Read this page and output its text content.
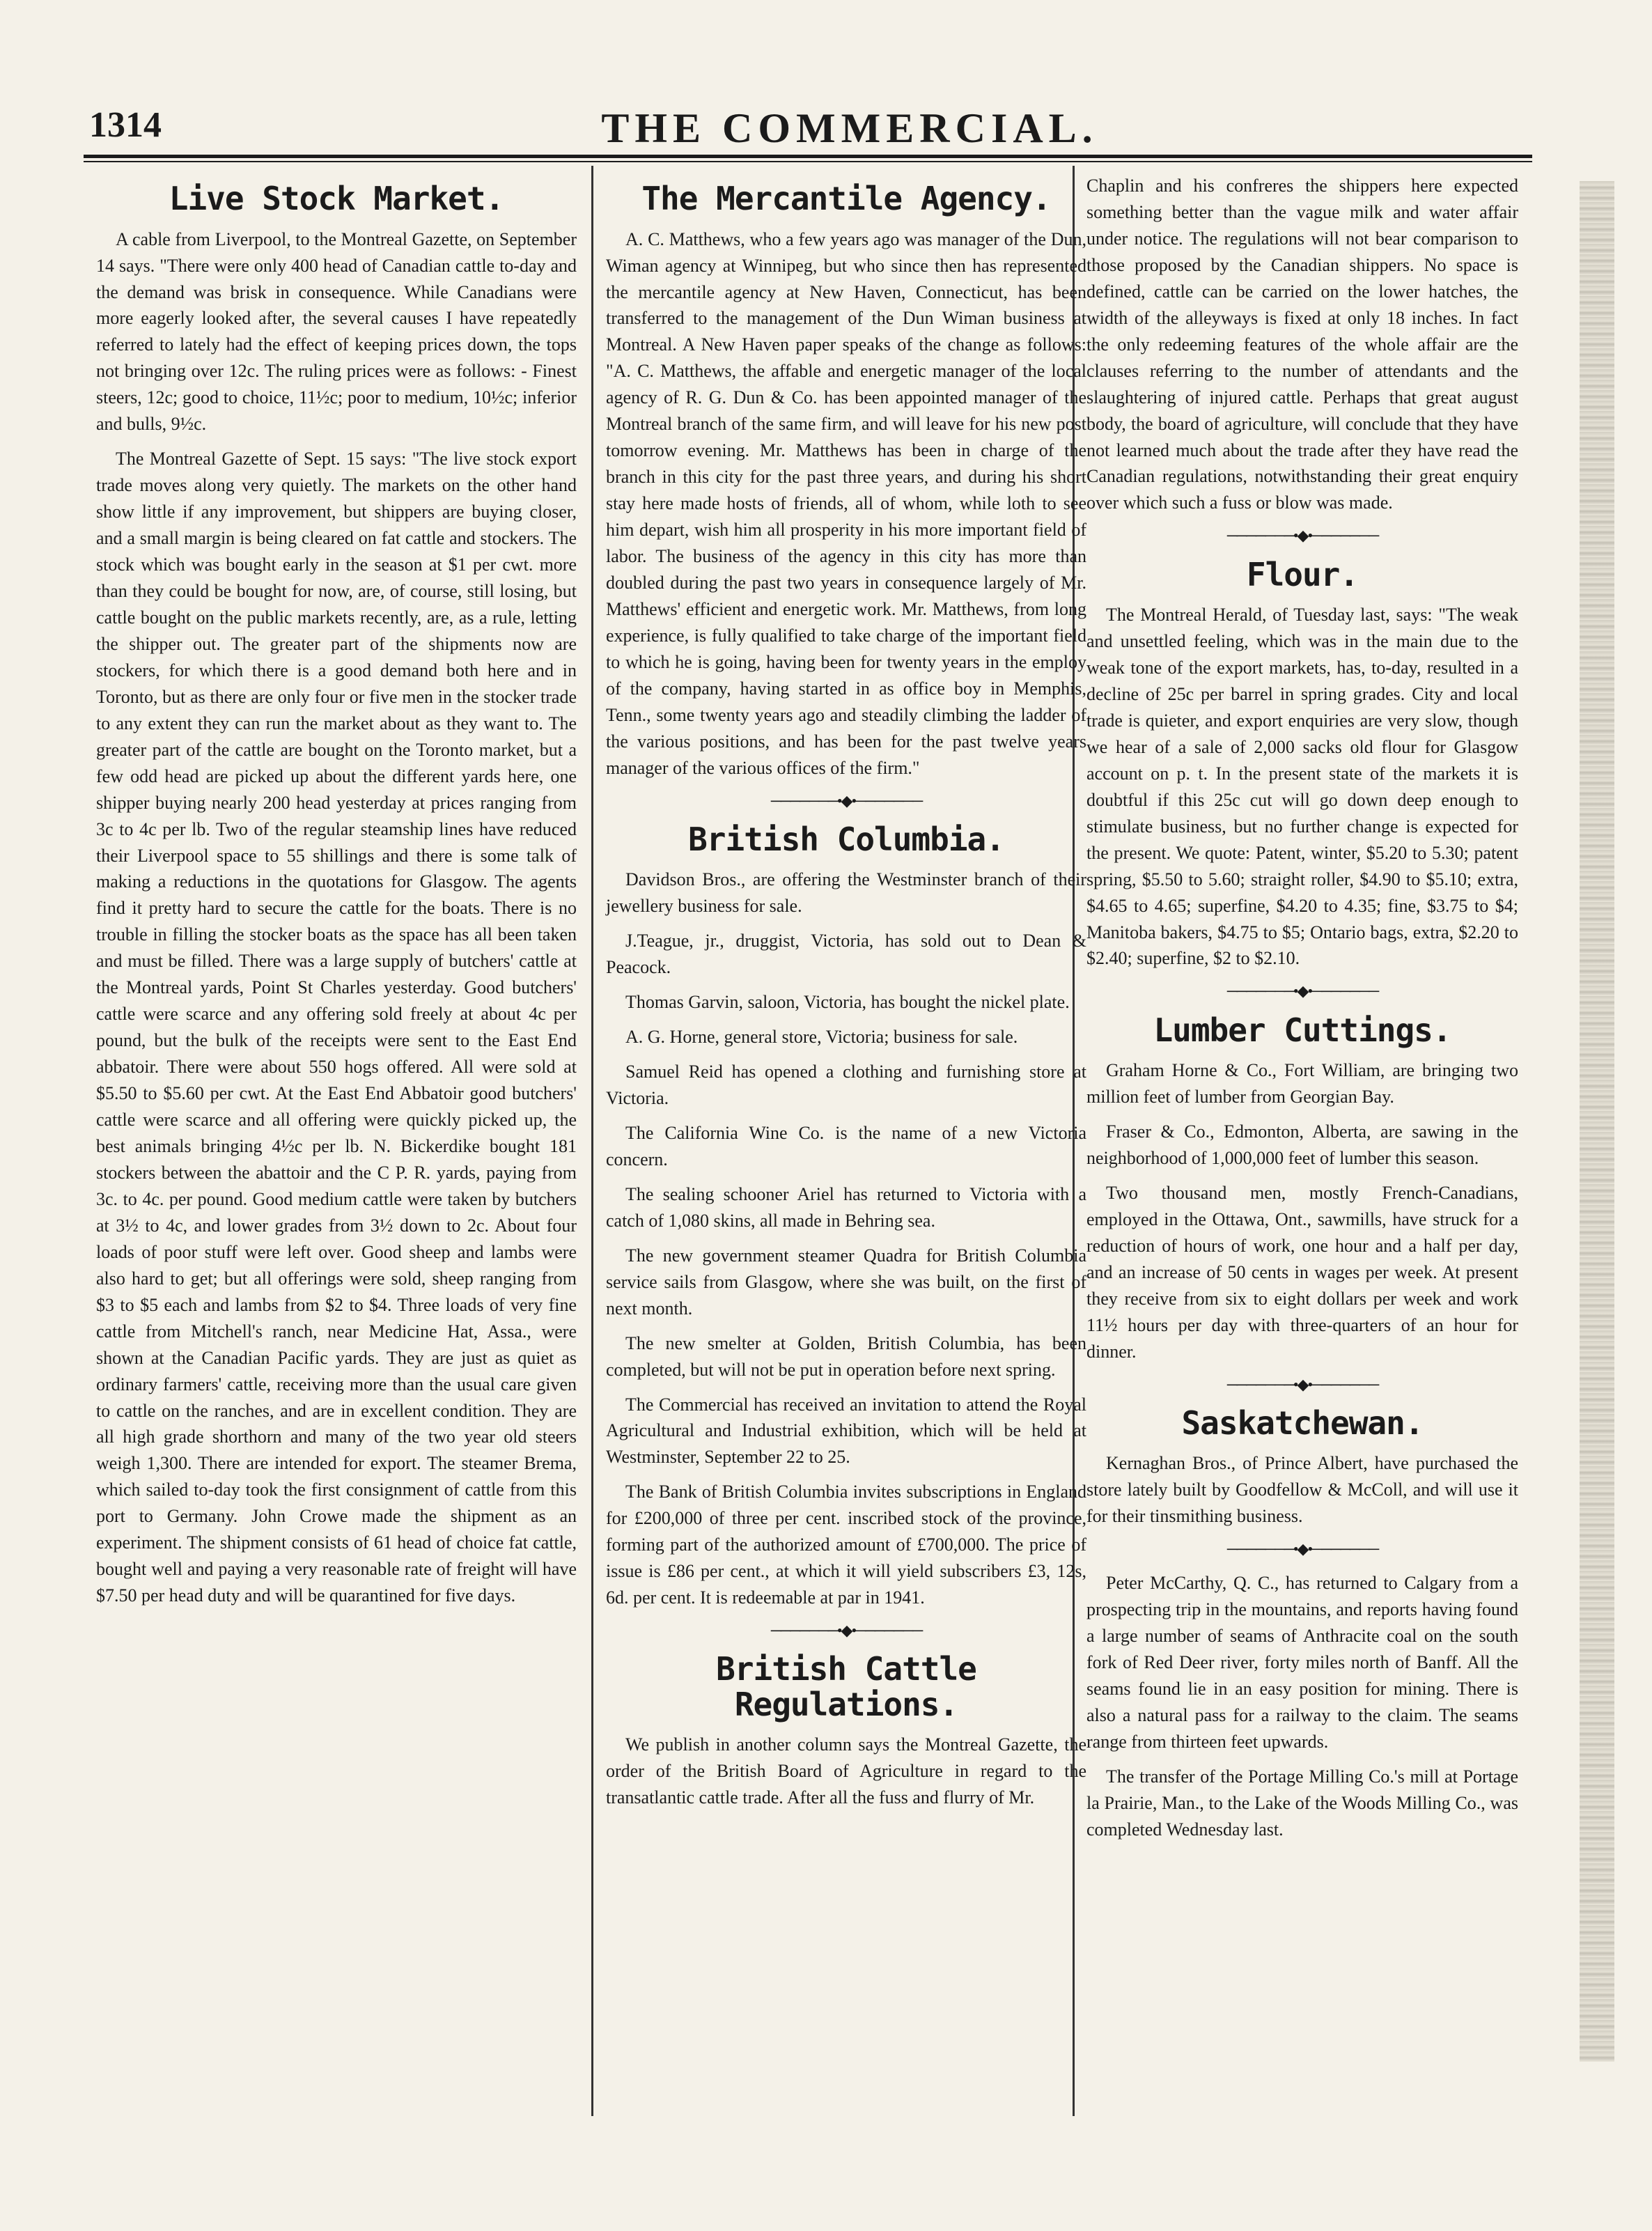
1314	THE COMMERCIAL.
Live Stock Market.

A cable from Liverpool, to the Montreal Gazette, on September 14 says. "There were only 400 head of Canadian cattle to-day and the demand was brisk in consequence. While Canadians were more eagerly looked after, the several causes I have repeatedly referred to lately had the effect of keeping prices down, the tops not bringing over 12c. The ruling prices were as follows: - Finest steers, 12c; good to choice, 11½c; poor to medium, 10½c; inferior and bulls, 9½c.

The Montreal Gazette of Sept. 15 says: "The live stock export trade moves along very quietly. The markets on the other hand show little if any improvement, but shippers are buying closer, and a small margin is being cleared on fat cattle and stockers. The stock which was bought early in the season at $1 per cwt. more than they could be bought for now, are, of course, still losing, but cattle bought on the public markets recently, are, as a rule, letting the shipper out. The greater part of the shipments now are stockers, for which there is a good demand both here and in Toronto, but as there are only four or five men in the stocker trade to any extent they can run the market about as they want to. The greater part of the cattle are bought on the Toronto market, but a few odd head are picked up about the different yards here, one shipper buying nearly 200 head yesterday at prices ranging from 3c to 4c per lb. Two of the regular steamship lines have reduced their Liverpool space to 55 shillings and there is some talk of making a reductions in the quotations for Glasgow. The agents find it pretty hard to secure the cattle for the boats. There is no trouble in filling the stocker boats as the space has all been taken and must be filled. There was a large supply of butchers' cattle at the Montreal yards, Point St Charles yesterday. Good butchers' cattle were scarce and any offering sold freely at about 4c per pound, but the bulk of the receipts were sent to the East End abbatoir. There were about 550 hogs offered. All were sold at $5.50 to $5.60 per cwt. At the East End Abbatoir good butchers' cattle were scarce and all offering were quickly picked up, the best animals bringing 4½c per lb. N. Bickerdike bought 181 stockers between the abattoir and the C P. R. yards, paying from 3c. to 4c. per pound. Good medium cattle were taken by butchers at 3½ to 4c, and lower grades from 3½ down to 2c. About four loads of poor stuff were left over. Good sheep and lambs were also hard to get; but all offerings were sold, sheep ranging from $3 to $5 each and lambs from $2 to $4. Three loads of very fine cattle from Mitchell's ranch, near Medicine Hat, Assa., were shown at the Canadian Pacific yards. They are just as quiet as ordinary farmers' cattle, receiving more than the usual care given to cattle on the ranches, and are in excellent condition. They are all high grade shorthorn and many of the two year old steers weigh 1,300. There are intended for export. The steamer Brema, which sailed to-day took the first consignment of cattle from this port to Germany. John Crowe made the shipment as an experiment. The shipment consists of 61 head of choice fat cattle, bought well and paying a very reasonable rate of freight will have $7.50 per head duty and will be quarantined for five days.

The Mercantile Agency.

A. C. Matthews, who a few years ago was manager of the Dun, Wiman agency at Winnipeg, but who since then has represented the mercantile agency at New Haven, Connecticut, has been transferred to the management of the Dun Wiman business at Montreal. A New Haven paper speaks of the change as follows: "A. C. Matthews, the affable and energetic manager of the local agency of R. G. Dun & Co. has been appointed manager of the Montreal branch of the same firm, and will leave for his new post tomorrow evening. Mr. Matthews has been in charge of the branch in this city for the past three years, and during his short stay here made hosts of friends, all of whom, while loth to see him depart, wish him all prosperity in his more important field of labor. The business of the agency in this city has more than doubled during the past two years in consequence largely of Mr. Matthews' efficient and energetic work. Mr. Matthews, from long experience, is fully qualified to take charge of the important field to which he is going, having been for twenty years in the employ of the company, having started in as office boy in Memphis, Tenn., some twenty years ago and steadily climbing the ladder of the various positions, and has been for the past twelve years manager of the various offices of the firm."

───────•◆•───────
British Columbia.

Davidson Bros., are offering the Westminster branch of their jewellery business for sale.

J.Teague, jr., druggist, Victoria, has sold out to Dean & Peacock.

Thomas Garvin, saloon, Victoria, has bought the nickel plate.

A. G. Horne, general store, Victoria; business for sale.

Samuel Reid has opened a clothing and furnishing store at Victoria.

The California Wine Co. is the name of a new Victoria concern.

The sealing schooner Ariel has returned to Victoria with a catch of 1,080 skins, all made in Behring sea.

The new government steamer Quadra for British Columbia service sails from Glasgow, where she was built, on the first of next month.

The new smelter at Golden, British Columbia, has been completed, but will not be put in operation before next spring.

The Commercial has received an invitation to attend the Royal Agricultural and Industrial exhibition, which will be held at Westminster, September 22 to 25.

The Bank of British Columbia invites subscriptions in England for £200,000 of three per cent. inscribed stock of the province, forming part of the authorized amount of £700,000. The price of issue is £86 per cent., at which it will yield subscribers £3, 12s, 6d. per cent. It is redeemable at par in 1941.

───────•◆•───────
British Cattle Regulations.

We publish in another column says the Montreal Gazette, the order of the British Board of Agriculture in regard to the transatlantic cattle trade. After all the fuss and flurry of Mr.

Chaplin and his confreres the shippers here expected something better than the vague milk and water affair under notice. The regulations will not bear comparison to those proposed by the Canadian shippers. No space is defined, cattle can be carried on the lower hatches, the width of the alleyways is fixed at only 18 inches. In fact the only redeeming features of the whole affair are the clauses referring to the number of attendants and the slaughtering of injured cattle. Perhaps that great august body, the board of agriculture, will conclude that they have not learned much about the trade after they have read the Canadian regulations, notwithstanding their great enquiry over which such a fuss or blow was made.

───────•◆•───────
Flour.

The Montreal Herald, of Tuesday last, says: "The weak and unsettled feeling, which was in the main due to the weak tone of the export markets, has, to-day, resulted in a decline of 25c per barrel in spring grades. City and local trade is quieter, and export enquiries are very slow, though we hear of a sale of 2,000 sacks old flour for Glasgow account on p. t. In the present state of the markets it is doubtful if this 25c cut will go down deep enough to stimulate business, but no further change is expected for the present. We quote: Patent, winter, $5.20 to 5.30; patent spring, $5.50 to 5.60; straight roller, $4.90 to $5.10; extra, $4.65 to 4.65; superfine, $4.20 to 4.35; fine, $3.75 to $4; Manitoba bakers, $4.75 to $5; Ontario bags, extra, $2.20 to $2.40; superfine, $2 to $2.10.

───────•◆•───────
Lumber Cuttings.

Graham Horne & Co., Fort William, are bringing two million feet of lumber from Georgian Bay.

Fraser & Co., Edmonton, Alberta, are sawing in the neighborhood of 1,000,000 feet of lumber this season.

Two thousand men, mostly French-Canadians, employed in the Ottawa, Ont., sawmills, have struck for a reduction of hours of work, one hour and a half per day, and an increase of 50 cents in wages per week. At present they receive from six to eight dollars per week and work 11½ hours per day with three-quarters of an hour for dinner.

───────•◆•───────
Saskatchewan.

Kernaghan Bros., of Prince Albert, have purchased the store lately built by Goodfellow & McColl, and will use it for their tinsmithing business.

───────•◆•───────

Peter McCarthy, Q. C., has returned to Calgary from a prospecting trip in the mountains, and reports having found a large number of seams of Anthracite coal on the south fork of Red Deer river, forty miles north of Banff. All the seams found lie in an easy position for mining. There is also a natural pass for a railway to the claim. The seams range from thirteen feet upwards.

The transfer of the Portage Milling Co.'s mill at Portage la Prairie, Man., to the Lake of the Woods Milling Co., was completed Wednesday last.
